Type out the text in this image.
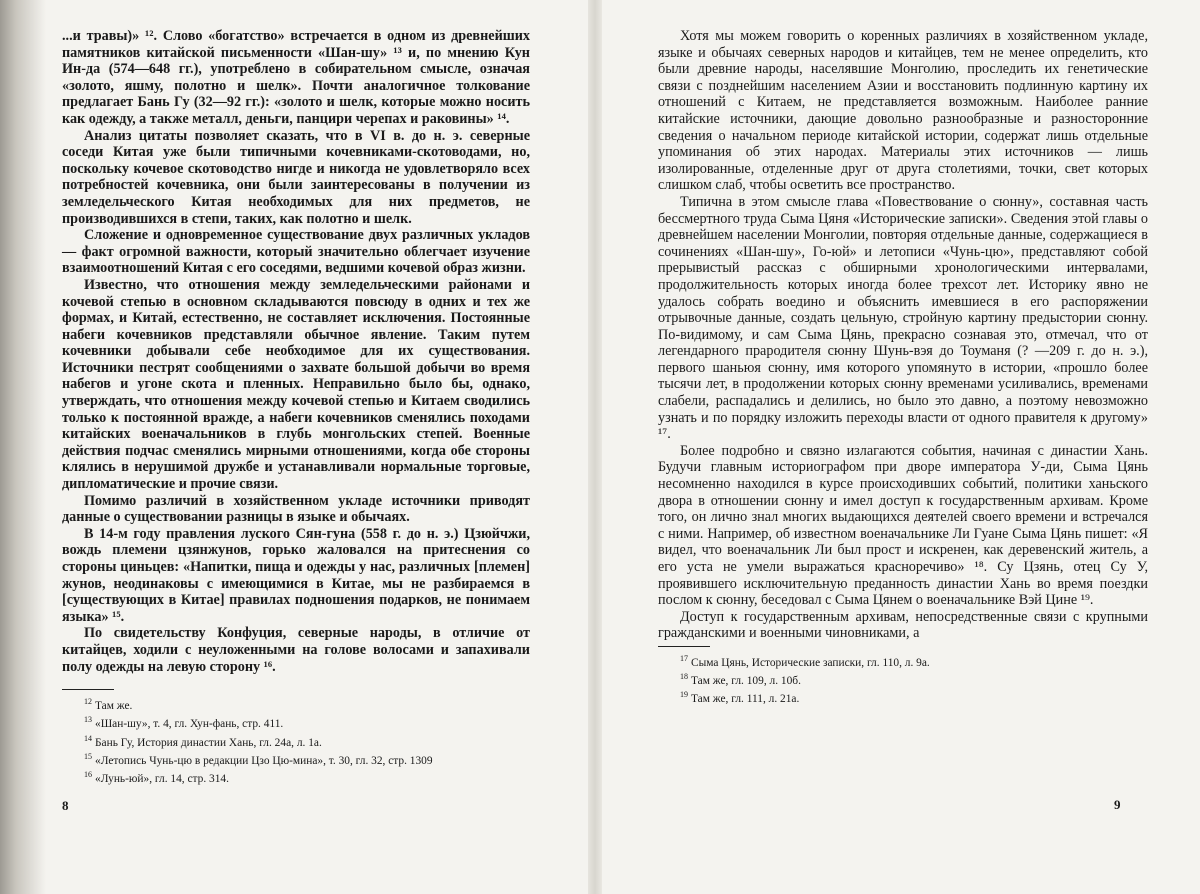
...и травы)» ¹². Слово «богатство» встречается в одном из древнейших памятников китайской письменности «Шан-шу» ¹³ и, по мнению Кун Ин-да (574—648 гг.), употреблено в собирательном смысле, означая «золото, яшму, полотно и шелк». Почти аналогичное толкование предлагает Бань Гу (32—92 гг.): «золото и шелк, которые можно носить как одежду, а также металл, деньги, панцири черепах и раковины» ¹⁴.

Анализ цитаты позволяет сказать, что в VI в. до н. э. северные соседи Китая уже были типичными кочевниками-скотоводами, но, поскольку кочевое скотоводство нигде и никогда не удовлетворяло всех потребностей кочевника, они были заинтересованы в получении из земледельческого Китая необходимых для них предметов, не производившихся в степи, таких, как полотно и шелк.

Сложение и одновременное существование двух различных укладов— факт огромной важности, который значительно облегчает изучение взаимоотношений Китая с его соседями, ведшими кочевой образ жизни.

Известно, что отношения между земледельческими районами и кочевой степью в основном складываются повсюду в одних и тех же формах, и Китай, естественно, не составляет исключения. Постоянные набеги кочевников представляли обычное явление. Таким путем кочевники добывали себе необходимое для их существования. Источники пестрят сообщениями о захвате большой добычи во время набегов и угоне скота и пленных. Неправильно было бы, однако, утверждать, что отношения между кочевой степью и Китаем сводились только к постоянной вражде, а набеги кочевников сменялись походами китайских военачальников в глубь монгольских степей. Военные действия подчас сменялись мирными отношениями, когда обе стороны клялись в нерушимой дружбе и устанавливали нормальные торговые, дипломатические и прочие связи.

Помимо различий в хозяйственном укладе источники приводят данные о существовании разницы в языке и обычаях.

В 14-м году правления луского Сян-гуна (558 г. до н. э.) Цзюйчжи, вождь племени цзянжунов, горько жаловался на притеснения со стороны циньцев: «Напитки, пища и одежды у нас, различных [племен] жунов, неодинаковы с имеющимися в Китае, мы не разбираемся в [существующих в Китае] правилах подношения подарков, не понимаем языка» ¹⁵.

По свидетельству Конфуция, северные народы, в отличие от китайцев, ходили с неуложенными на голове волосами и запахивали полу одежды на левую сторону ¹⁶.

$^{12}$ Там же.

$^{13}$ «Шан-шу», т. 4, гл. Хун-фань, стр. 411.

$^{14}$ Бань Гу, История династии Хань, гл. 24а, л. 1а.

$^{15}$ «Летопись Чунь-цю в редакции Цзо Цю-мина», т. 30, гл. 32, стр. 1309

$^{16}$ «Лунь-юй», гл. 14, стр. 314.

8

Хотя мы можем говорить о коренных различиях в хозяйственном укладе, языке и обычаях северных народов и китайцев, тем не менее определить, кто были древние народы, населявшие Монголию, проследить их генетические связи с позднейшим населением Азии и восстановить подлинную картину их отношений с Китаем, не представляется возможным. Наиболее ранние китайские источники, дающие довольно разнообразные и разносторонние сведения о начальном периоде китайской истории, содержат лишь отдельные упоминания об этих народах. Материалы этих источников — лишь изолированные, отделенные друг от друга столетиями, точки, свет которых слишком слаб, чтобы осветить все пространство.

Типична в этом смысле глава «Повествование о сюнну», составная часть бессмертного труда Сыма Цяня «Исторические записки». Сведения этой главы о древнейшем населении Монголии, повторяя отдельные данные, содержащиеся в сочинениях «Шан-шу», Го-юй» и летописи «Чунь-цю», представляют собой прерывистый рассказ с обширными хронологическими интервалами, продолжительность которых иногда более трехсот лет. Историку явно не удалось собрать воедино и объяснить имевшиеся в его распоряжении отрывочные данные, создать цельную, стройную картину предыстории сюнну. По-видимому, и сам Сыма Цянь, прекрасно сознавая это, отмечал, что от легендарного прародителя сюнну Шунь-вэя до Тоуманя (? —209 г. до н. э.), первого шаньюя сюнну, имя которого упомянуто в истории, «прошло более тысячи лет, в продолжении которых сюнну временами усиливались, временами слабели, распадались и делились, но было это давно, а поэтому невозможно узнать и по порядку изложить переходы власти от одного правителя к другому» ¹⁷.

Более подробно и связно излагаются события, начиная с династии Хань. Будучи главным историографом при дворе императора У-ди, Сыма Цянь несомненно находился в курсе происходивших событий, политики ханьского двора в отношении сюнну и имел доступ к государственным архивам. Кроме того, он лично знал многих выдающихся деятелей своего времени и встречался с ними. Например, об известном военачальнике Ли Гуане Сыма Цянь пишет: «Я видел, что военачальник Ли был прост и искренен, как деревенский житель, а его уста не умели выражаться красноречиво» ¹⁸. Су Цзянь, отец Су У, проявившего исключительную преданность династии Хань во время поездки послом к сюнну, беседовал с Сыма Цянем о военачальнике Вэй Цине ¹⁹.

Доступ к государственным архивам, непосредственные связи с крупными гражданскими и военными чиновниками, а

$^{17}$ Сыма Цянь, Исторические записки, гл. 110, л. 9а.

$^{18}$ Там же, гл. 109, л. 10б.

$^{19}$ Там же, гл. 111, л. 21а.

9
